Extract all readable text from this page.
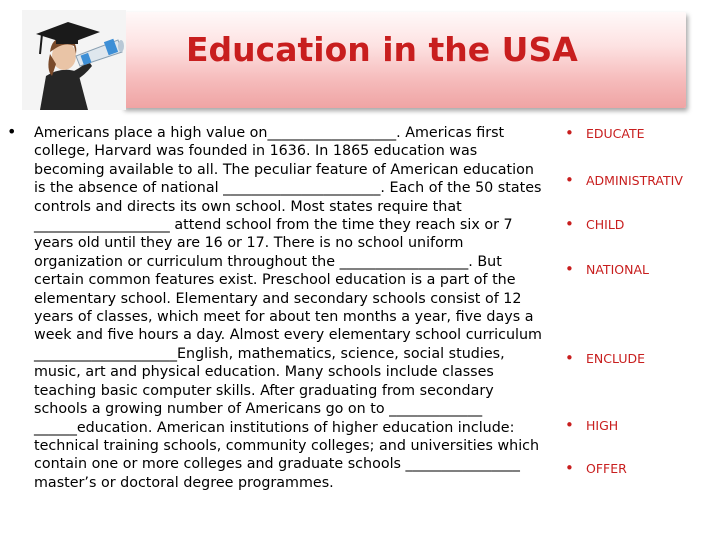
Education in the USA
• Americans place a high value on__________________. Americas first college, Harvard was founded in 1636. In 1865 education was becoming available to all. The peculiar feature of American education is the absence of national ______________________. Each of the 50 states controls and directs its own school. Most states require that ___________________ attend school from the time they reach six or 7 years old until they are 16 or 17. There is no school uniform organization or curriculum throughout the __________________. But certain common features exist. Preschool education is a part of the elementary school. Elementary and secondary schools consist of 12 years of classes, which meet for about ten months a year, five days a week and five hours a day. Almost every elementary school curriculum ____________________English, mathematics, science, social studies, music, art and physical education. Many schools include classes teaching basic computer skills. After graduating from secondary schools a growing number of Americans go on to _____________ ______education. American institutions of higher education include: technical training schools, community colleges; and universities which contain one or more colleges and graduate schools ________________ master’s or doctoral degree programmes.

• EDUCATE
• ADMINISTRATIV
• CHILD
• NATIONAL
• ENCLUDE
• HIGH
• OFFER
